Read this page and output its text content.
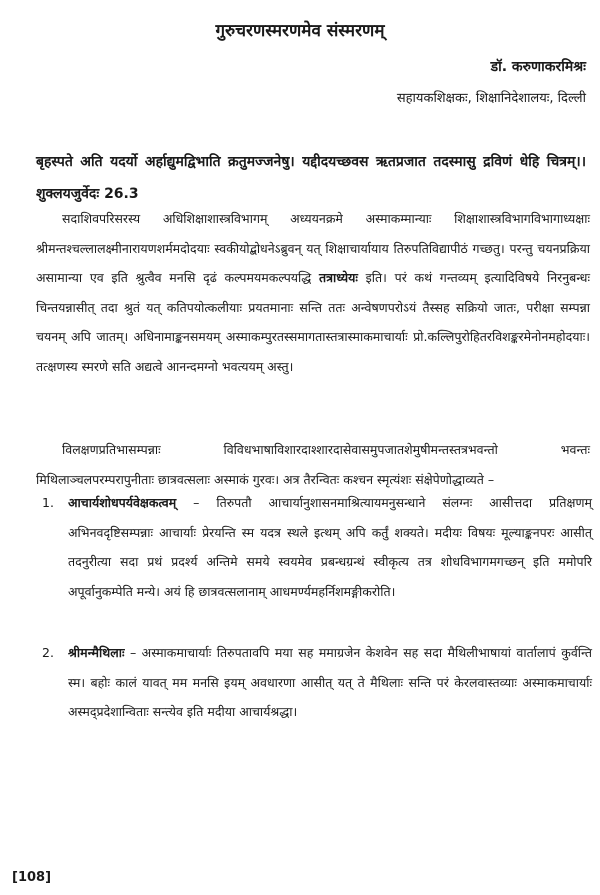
गुरुचरणस्मरणमेव संस्मरणम्
डॉ. करुणाकरमिश्रः
सहायकशिक्षकः, शिक्षानिदेशालयः, दिल्ली
बृहस्पते अति यदर्यो अर्हाद्युमद्विभाति क्रतुमज्जनेषु। यद्दीदयच्छवस ऋतप्रजात तदस्मासु द्रविणं धेहि चित्रम्।। शुक्लयजुर्वेदः 26.3
सदाशिवपरिसरस्य अधिशिक्षाशास्त्रविभागम् अध्ययनक्रमे अस्माकम्मान्याः शिक्षाशास्त्रविभागविभागाध्यक्षाः श्रीमन्तश्चल्लालक्ष्मीनारायणशर्ममदोदयाः स्वकीयोद्बोधनेऽब्रुवन् यत् शिक्षाचार्यायाय तिरुपतिविद्यापीठं गच्छतु। परन्तु चयनप्रक्रिया असामान्या एव इति श्रुत्वैव मनसि दृढं कल्पमयमकल्पयद्धि तत्राध्येयः इति। परं कथं गन्तव्यम् इत्यादिविषये निरनुबन्धः चिन्तयन्नासीत् तदा श्रुतं यत् कतिपयोत्कलीयाः प्रयतमानाः सन्ति ततः अन्वेषणपरोऽयं तैस्सह सक्रियो जातः, परीक्षा सम्पन्ना चयनम् अपि जातम्। अधिनामाङ्कनसमयम् अस्माकम्पुरतस्समागतास्तत्रास्माकमाचार्याः प्रो.कल्लिपुरोहितरविशङ्करमेनोनमहोदयाः। तत्क्षणस्य स्मरणे सति अद्यत्वे आनन्दमग्नो भवत्ययम् अस्तु।
विलक्षणप्रतिभासम्पन्नाः विविधभाषाविशारदाश्शारदासेवासमुपजातशेमुषीमन्तस्तत्रभवन्तो भवन्तः मिथिलाञ्चलपरम्परापुनीताः छात्रवत्सलाः अस्माकं गुरवः। अत्र तैरन्वितः कश्चन स्मृत्यंशः संक्षेपेणोद्धाव्यते –
1. आचार्यशोधपर्यवेक्षकत्वम् – तिरुपतौ आचार्यानुशासनमाश्रित्यायमनुसन्धाने संलग्नः आसीत्तदा प्रतिक्षणम् अभिनवदृष्टिसम्पन्नाः आचार्याः प्रेरयन्ति स्म यदत्र स्थले इत्थम् अपि कर्तुं शक्यते। मदीयः विषयः मूल्याङ्कनपरः आसीत् तदनुरीत्या सदा प्रथं प्रदर्श्य अन्तिमे समये स्वयमेव प्रबन्धग्रन्थं स्वीकृत्य तत्र शोधविभागमगच्छन् इति ममोपरि अपूर्वानुकम्पेति मन्ये। अयं हि छात्रवत्सलानाम् आधमर्ण्यमहर्निशमङ्गीकरोति।
2. श्रीमन्मैथिलाः – अस्माकमाचार्याः तिरुपतावपि मया सह ममाग्रजेन केशवेन सह सदा मैथिलीभाषायां वार्तालापं कुर्वन्ति स्म। बहोः कालं यावत् मम मनसि इयम् अवधारणा आसीत् यत् ते मैथिलाः सन्ति परं केरलवास्तव्याः अस्माकमाचार्याः अस्मद्प्रदेशान्विताः सन्त्येव इति मदीया आचार्यश्रद्धा।
[108]
